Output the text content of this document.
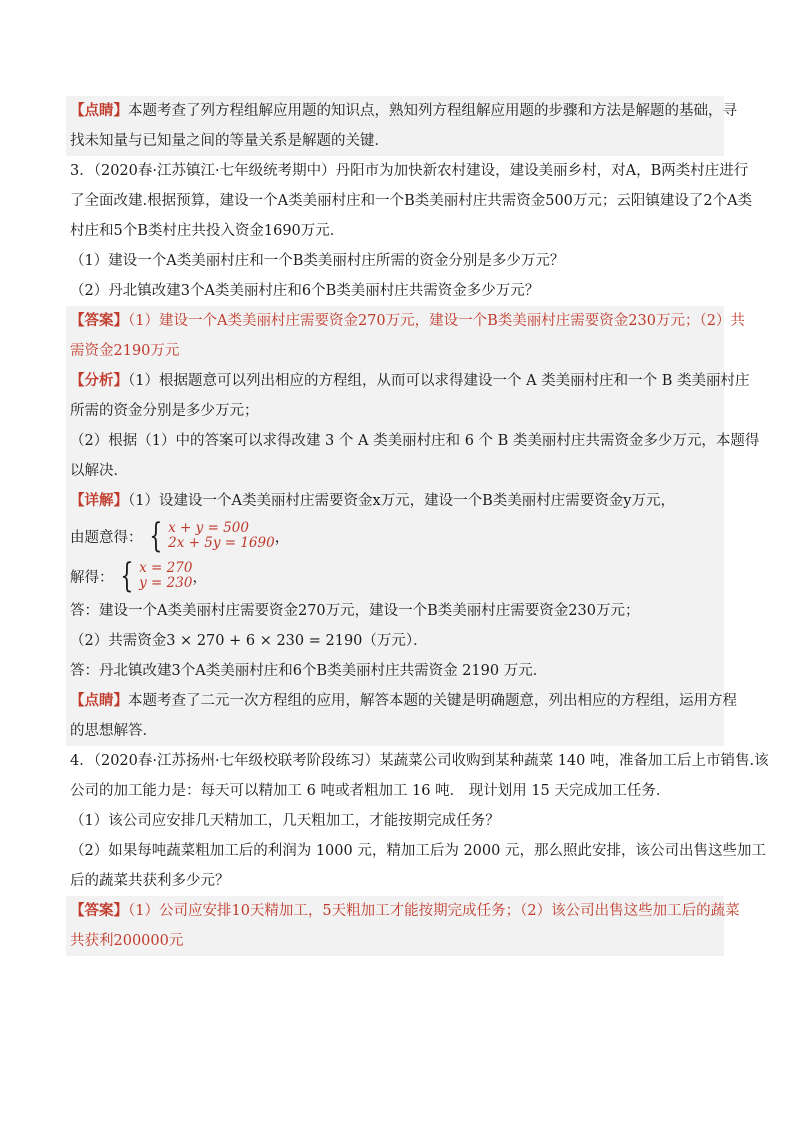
【点睛】本题考查了列方程组解应用题的知识点，熟知列方程组解应用题的步骤和方法是解题的基础，寻
找未知量与已知量之间的等量关系是解题的关键．
3．（2020春·江苏镇江·七年级统考期中）丹阳市为加快新农村建设，建设美丽乡村，对A，B两类村庄进行
了全面改建.根据预算，建设一个A类美丽村庄和一个B类美丽村庄共需资金500万元；云阳镇建设了2个A类
村庄和5个B类村庄共投入资金1690万元．
（1）建设一个A类美丽村庄和一个B类美丽村庄所需的资金分别是多少万元？
（2）丹北镇改建3个A类美丽村庄和6个B类美丽村庄共需资金多少万元？
【答案】（1）建设一个A类美丽村庄需要资金270万元，建设一个B类美丽村庄需要资金230万元；（2）共
需资金2190万元
【分析】（1）根据题意可以列出相应的方程组，从而可以求得建设一个 A 类美丽村庄和一个 B 类美丽村庄
所需的资金分别是多少万元；
（2）根据（1）中的答案可以求得改建 3 个 A 类美丽村庄和 6 个 B 类美丽村庄共需资金多少万元，本题得
以解决．
【详解】（1）设建设一个A类美丽村庄需要资金x万元，建设一个B类美丽村庄需要资金y万元，
由题意得： { x + y = 500
2x + 5y = 1690 ，
解得： { x = 270
y = 230 ，
答：建设一个A类美丽村庄需要资金270万元，建设一个B类美丽村庄需要资金230万元；
（2）共需资金3 × 270 + 6 × 230 = 2190（万元）．
答：丹北镇改建3个A类美丽村庄和6个B类美丽村庄共需资金 2190 万元．
【点睛】本题考查了二元一次方程组的应用，解答本题的关键是明确题意，列出相应的方程组，运用方程
的思想解答．
4．（2020春·江苏扬州·七年级校联考阶段练习）某蔬菜公司收购到某种蔬菜 140 吨，准备加工后上市销售.该
公司的加工能力是：每天可以精加工 6 吨或者粗加工 16 吨． 现计划用 15 天完成加工任务．
（1）该公司应安排几天精加工，几天粗加工，才能按期完成任务？
（2）如果每吨蔬菜粗加工后的利润为 1000 元，精加工后为 2000 元，那么照此安排，该公司出售这些加工
后的蔬菜共获利多少元？
【答案】（1）公司应安排10天精加工，5天粗加工才能按期完成任务；（2）该公司出售这些加工后的蔬菜
共获利200000元
